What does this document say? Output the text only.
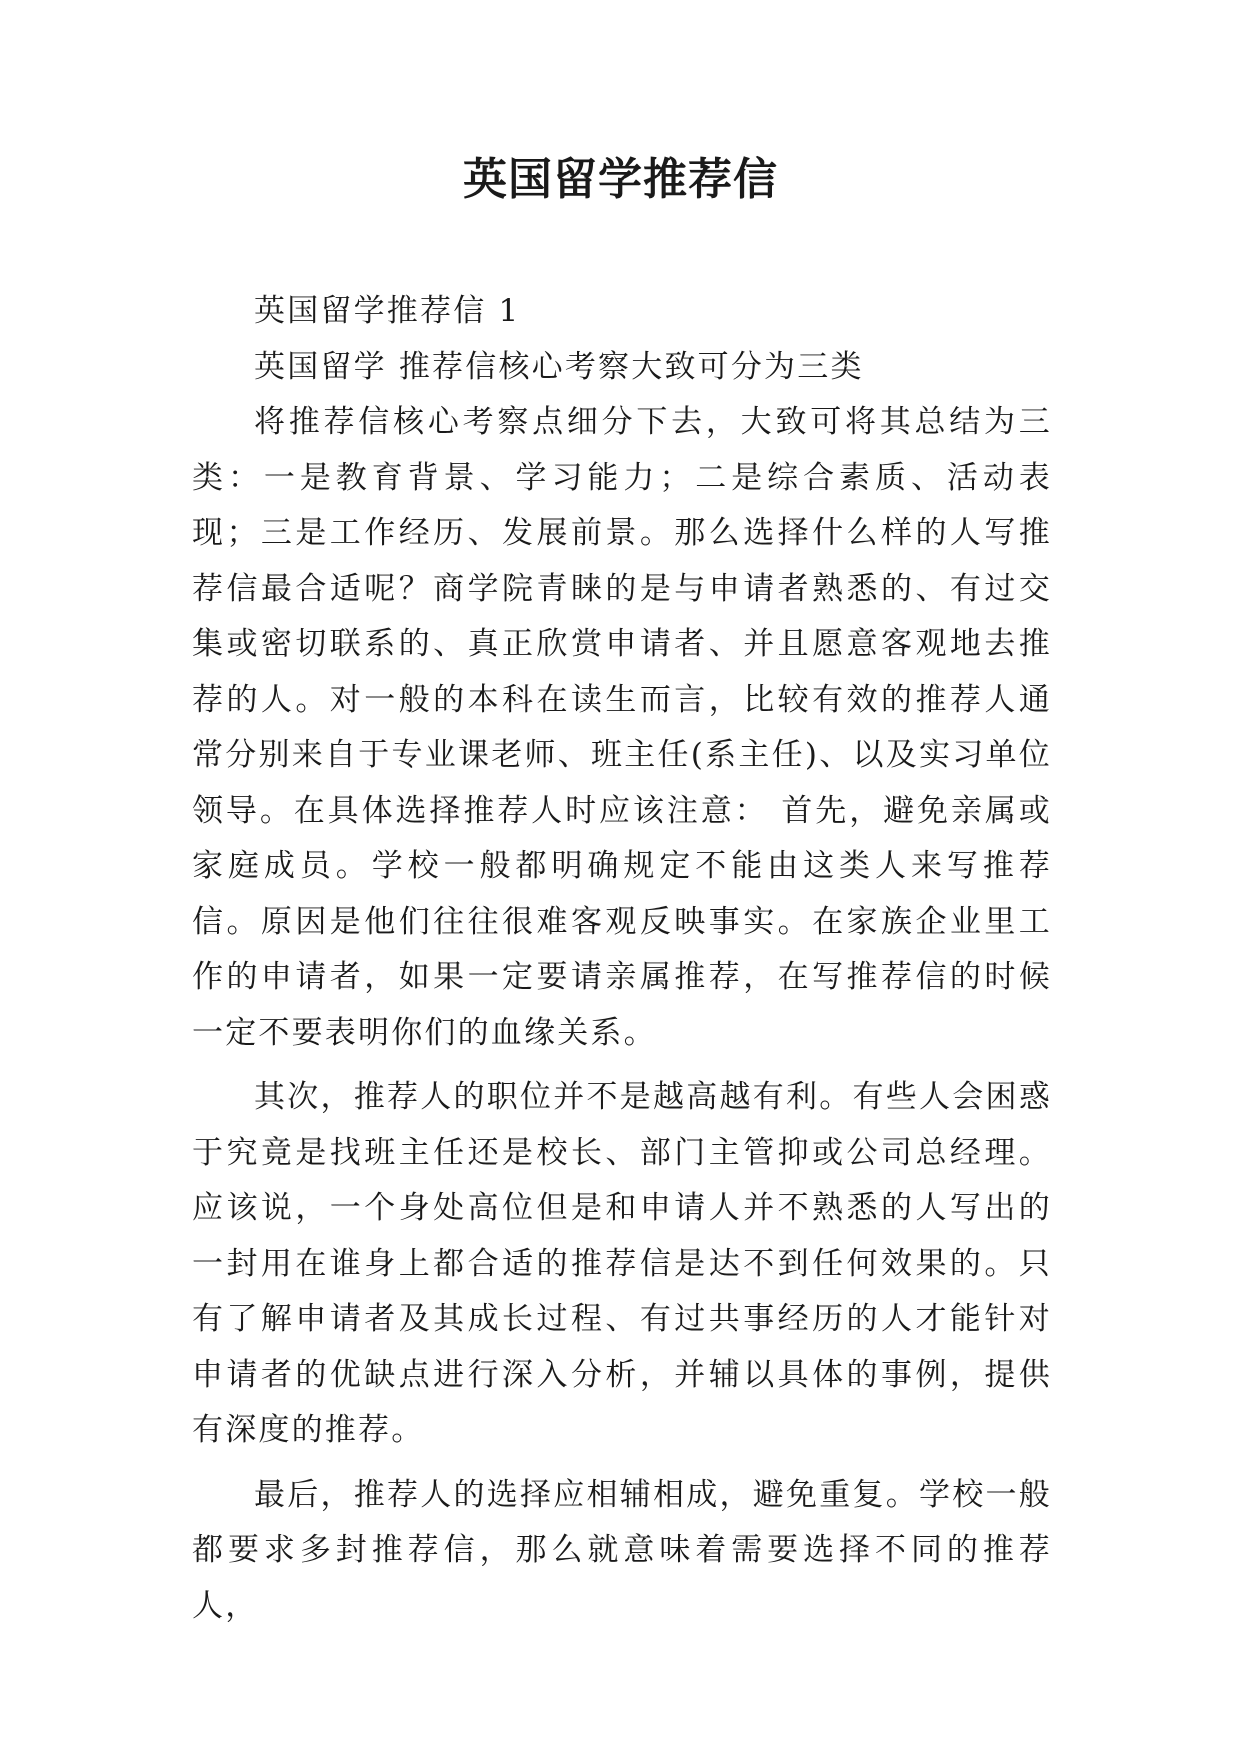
英国留学推荐信

英国留学推荐信 1

英国留学 推荐信核心考察大致可分为三类

将推荐信核心考察点细分下去，大致可将其总结为三类：一是教育背景、学习能力；二是综合素质、活动表现；三是工作经历、发展前景。那么选择什么样的人写推荐信最合适呢？商学院青睐的是与申请者熟悉的、有过交集或密切联系的、真正欣赏申请者、并且愿意客观地去推荐的人。对一般的本科在读生而言，比较有效的推荐人通常分别来自于专业课老师、班主任(系主任)、以及实习单位领导。在具体选择推荐人时应该注意： 首先，避免亲属或家庭成员。学校一般都明确规定不能由这类人来写推荐信。原因是他们往往很难客观反映事实。在家族企业里工作的申请者，如果一定要请亲属推荐，在写推荐信的时候一定不要表明你们的血缘关系。

其次，推荐人的职位并不是越高越有利。有些人会困惑于究竟是找班主任还是校长、部门主管抑或公司总经理。应该说，一个身处高位但是和申请人并不熟悉的人写出的一封用在谁身上都合适的推荐信是达不到任何效果的。只有了解申请者及其成长过程、有过共事经历的人才能针对申请者的优缺点进行深入分析，并辅以具体的事例，提供有深度的推荐。

最后，推荐人的选择应相辅相成，避免重复。学校一般都要求多封推荐信，那么就意味着需要选择不同的推荐人，
